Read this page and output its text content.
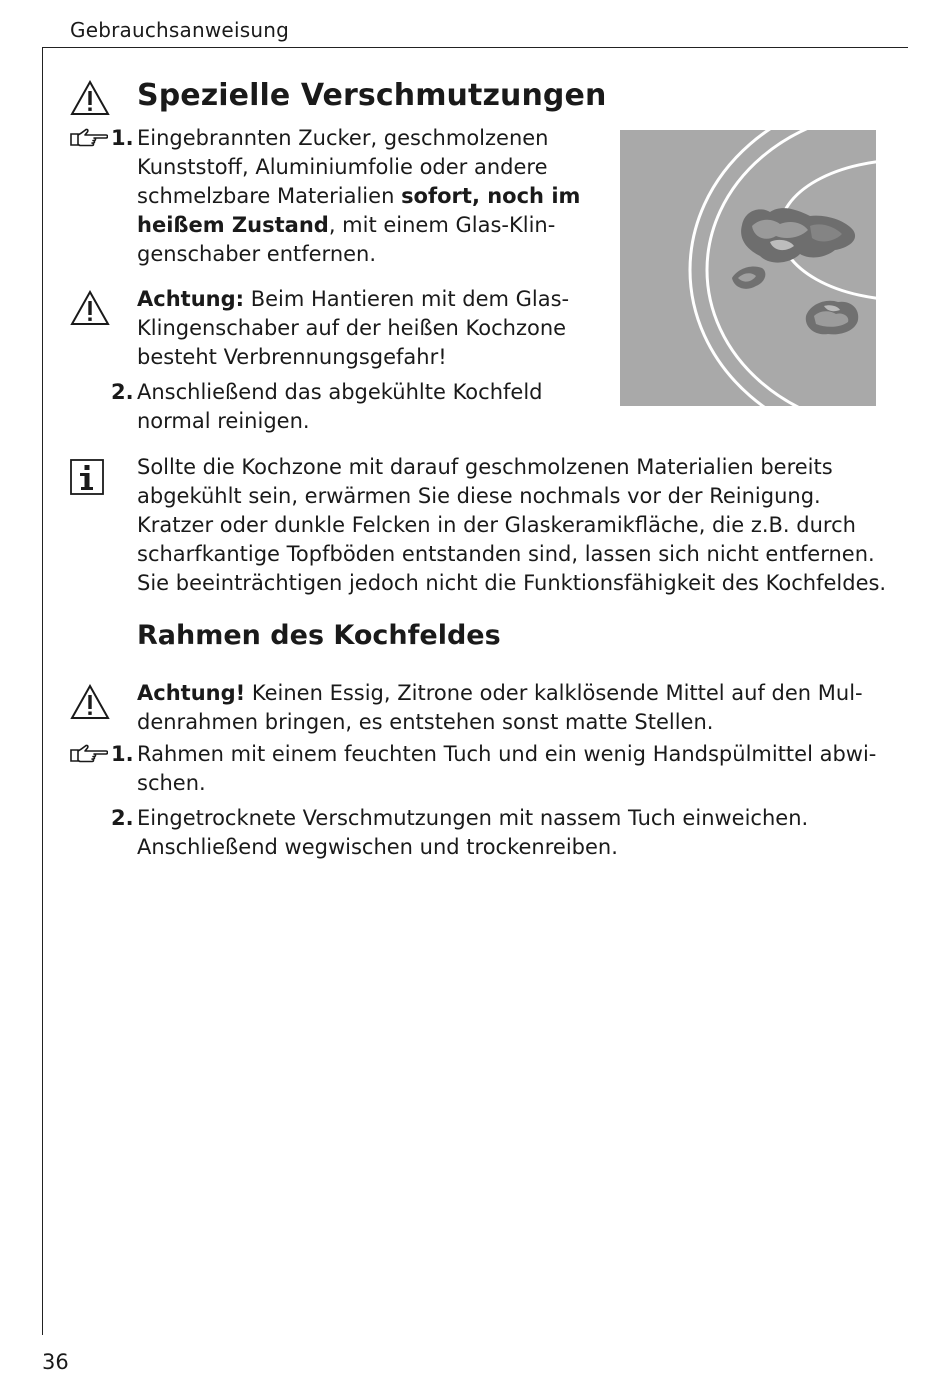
Gebrauchsanweisung
36
Spezielle Verschmutzungen
1. Eingebrannten Zucker, geschmolzenen
Kunststoff, Aluminiumfolie oder andere
schmelzbare Materialien sofort, noch im
heißem Zustand, mit einem Glas-Klin-
genschaber entfernen.
Achtung: Beim Hantieren mit dem Glas-
Klingenschaber auf der heißen Kochzone
besteht Verbrennungsgefahr!
2. Anschließend das abgekühlte Kochfeld
normal reinigen.
Sollte die Kochzone mit darauf geschmolzenen Materialien bereits
abgekühlt sein, erwärmen Sie diese nochmals vor der Reinigung.
Kratzer oder dunkle Felcken in der Glaskeramikfläche, die z.B. durch
scharfkantige Topfböden entstanden sind, lassen sich nicht entfernen.
Sie beeinträchtigen jedoch nicht die Funktionsfähigkeit des Kochfeldes.
Rahmen des Kochfeldes
Achtung! Keinen Essig, Zitrone oder kalklösende Mittel auf den Mul-
denrahmen bringen, es entstehen sonst matte Stellen.
1. Rahmen mit einem feuchten Tuch und ein wenig Handspülmittel abwi-
schen.
2. Eingetrocknete Verschmutzungen mit nassem Tuch einweichen.
Anschließend wegwischen und trockenreiben.
